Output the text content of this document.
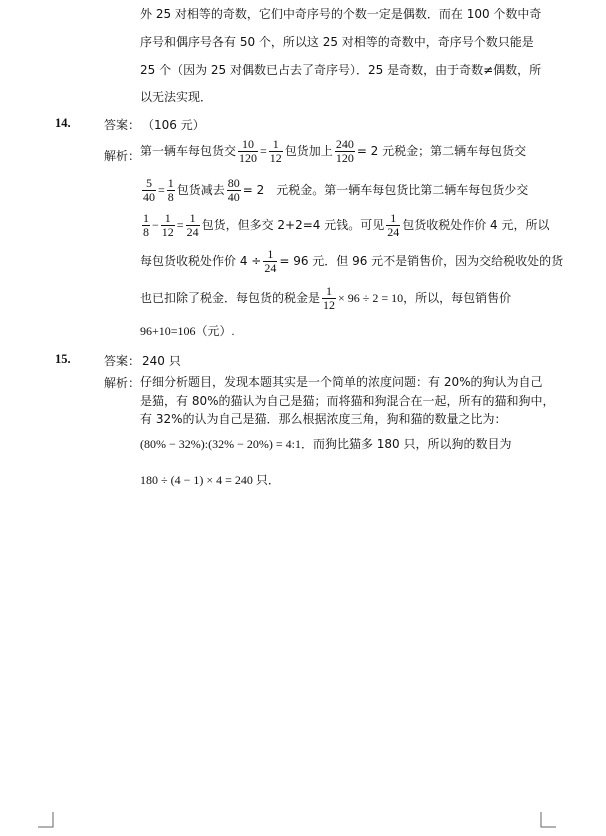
外 25 对相等的奇数，它们中奇序号的个数一定是偶数．而在 100 个数中奇
序号和偶序号各有 50 个，所以这 25 对相等的奇数中，奇序号个数只能是
25 个（因为 25 对偶数已占去了奇序号）．25 是奇数，由于奇数≠偶数，所
以无法实现．
14.	答案： （106 元）
解析： 第一辆车每包货交 $\frac{10}{120} = \frac{1}{12}$ 包货加上 $\frac{240}{120} = 2$ 元税金；第二辆车每包货交
$\frac{5}{40} = \frac{1}{8}$ 包货减去 $\frac{80}{40} = 2$　元税金。第一辆车每包货比第二辆车每包货少交
$\frac{1}{8} - \frac{1}{12} = \frac{1}{24}$ 包货，但多交 2+2=4 元钱。可见 $\frac{1}{24}$ 包货收税处作价 4 元，所以
每包货收税处作价 $4 \div \frac{1}{24} = 96$ 元．但 96 元不是销售价，因为交给税收处的货
也已扣除了税金．每包货的税金是 $\frac{1}{12} \times 96 \div 2 = 10$，所以，每包销售价
96+10=106（元）.
15.	答案： 240 只
解析： 仔细分析题目，发现本题其实是一个简单的浓度问题：有 20%的狗认为自己
是猫，有 80%的猫认为自己是猫；而将猫和狗混合在一起，所有的猫和狗中，
有 32%的认为自己是猫．那么根据浓度三角，狗和猫的数量之比为：
(80% − 32%):(32% − 20%) = 4:1．而狗比猫多 180 只，所以狗的数目为
180 ÷ (4 − 1) × 4 = 240 只．
